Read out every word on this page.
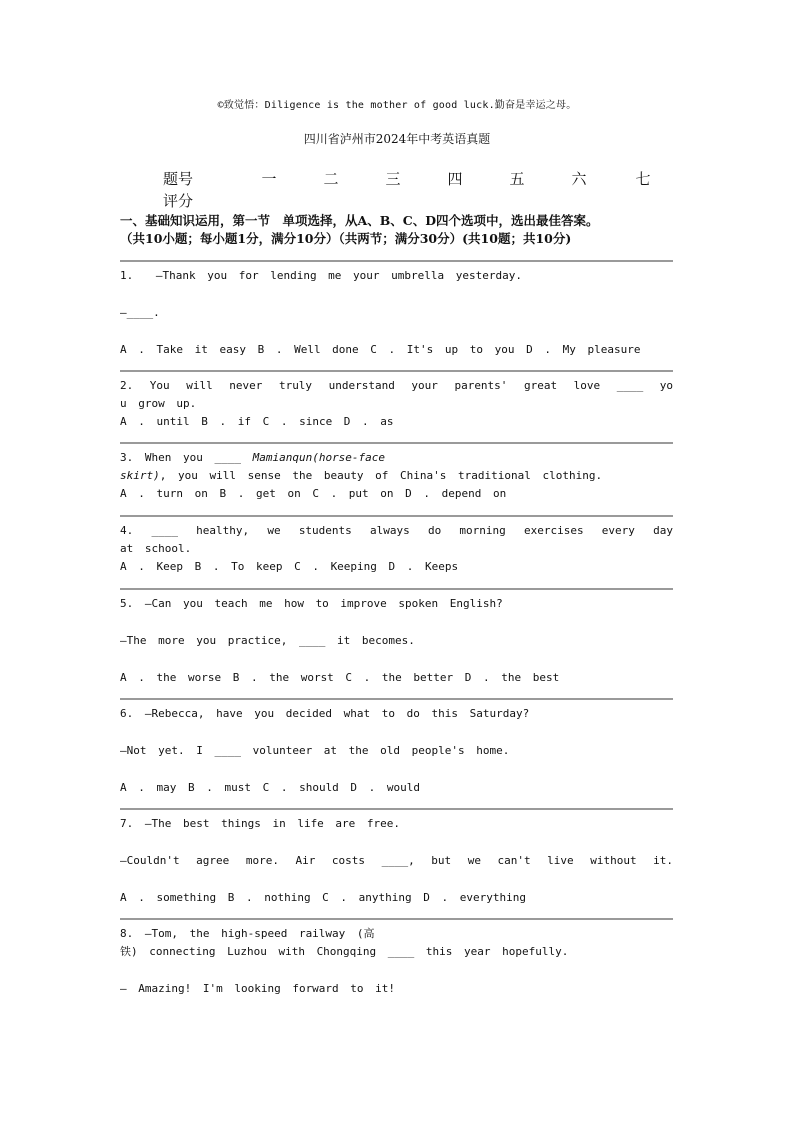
©致觉悟：Diligence is the mother of good luck.勤奋是幸运之母。
四川省泸州市2024年中考英语真题
题号	一	二	三	四	五	六	七
评分
一、基础知识运用，第一节　单项选择，从A、B、C、D四个选项中，选出最佳答案。
（共10小题；每小题1分，满分10分）（共两节；满分30分）(共10题；共10分)
1.　 —Thank you for lending me your umbrella yesterday.
—____.
A . Take it easy B . Well done C . It's up to you D . My pleasure
2. You will never truly understand your parents' great love ____ yo
u grow up.
A . until B . if C . since D . as
3. When you ____ Mamianqun(horse-face
skirt), you will sense the beauty of China's traditional clothing.
A . turn on B . get on C . put on D . depend on
4. ____ healthy, we students always do morning exercises every day
at school.
A . Keep B . To keep C . Keeping D . Keeps
5. —Can you teach me how to improve spoken English?
—The more you practice, ____ it becomes.
A . the worse B . the worst C . the better D . the best
6. —Rebecca, have you decided what to do this Saturday?
—Not yet. I ____ volunteer at the old people's home.
A . may B . must C . should D . would
7. —The best things in life are free.
—Couldn't agree more. Air costs ____, but we can't live without it.
A . something B . nothing C . anything D . everything
8. —Tom, the high-speed railway (高
铁) connecting Luzhou with Chongqing ____ this year hopefully.
— Amazing! I'm looking forward to it!
